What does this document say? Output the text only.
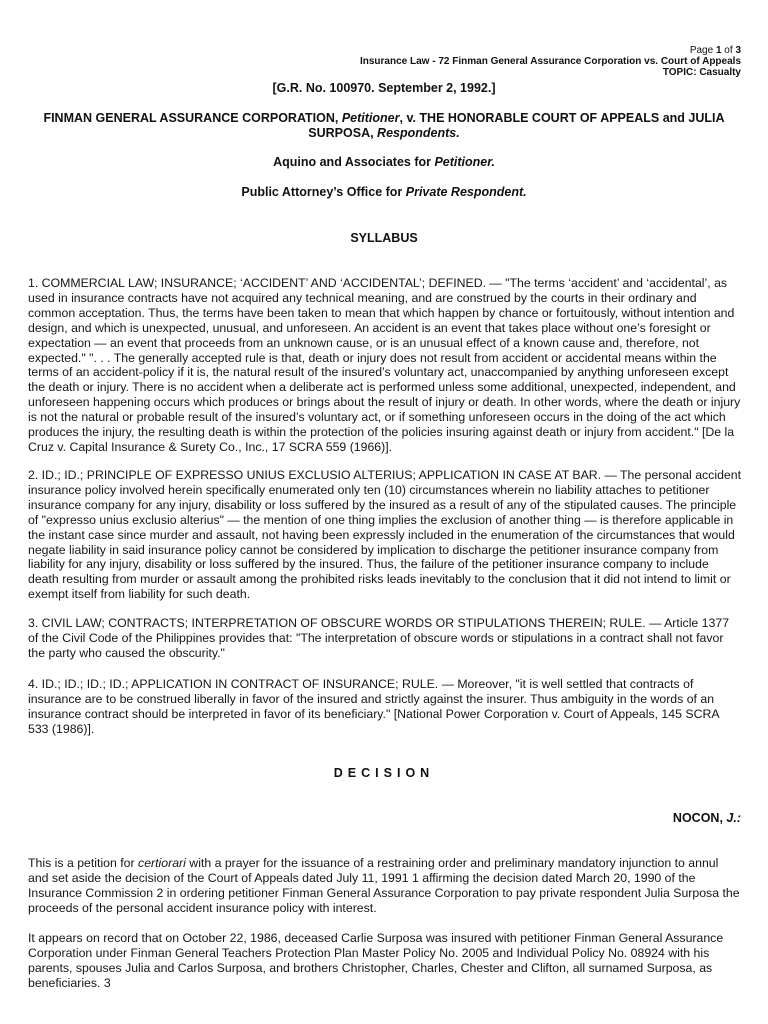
Page 1 of 3
Insurance Law - 72 Finman General Assurance Corporation vs. Court of Appeals
TOPIC: Casualty
[G.R. No. 100970. September 2, 1992.]
FINMAN GENERAL ASSURANCE CORPORATION, Petitioner, v. THE HONORABLE COURT OF APPEALS and JULIA SURPOSA, Respondents.
Aquino and Associates for Petitioner.
Public Attorney’s Office for Private Respondent.
SYLLABUS
1. COMMERCIAL LAW; INSURANCE; ‘ACCIDENT’ AND ‘ACCIDENTAL’; DEFINED. — "The terms ‘accident’ and ‘accidental’, as used in insurance contracts have not acquired any technical meaning, and are construed by the courts in their ordinary and common acceptation. Thus, the terms have been taken to mean that which happen by chance or fortuitously, without intention and design, and which is unexpected, unusual, and unforeseen. An accident is an event that takes place without one’s foresight or expectation — an event that proceeds from an unknown cause, or is an unusual effect of a known cause and, therefore, not expected." ". . . The generally accepted rule is that, death or injury does not result from accident or accidental means within the terms of an accident-policy if it is, the natural result of the insured’s voluntary act, unaccompanied by anything unforeseen except the death or injury. There is no accident when a deliberate act is performed unless some additional, unexpected, independent, and unforeseen happening occurs which produces or brings about the result of injury or death. In other words, where the death or injury is not the natural or probable result of the insured’s voluntary act, or if something unforeseen occurs in the doing of the act which produces the injury, the resulting death is within the protection of the policies insuring against death or injury from accident." [De la Cruz v. Capital Insurance & Surety Co., Inc., 17 SCRA 559 (1966)].
2. ID.; ID.; PRINCIPLE OF EXPRESSO UNIUS EXCLUSIO ALTERIUS; APPLICATION IN CASE AT BAR. — The personal accident insurance policy involved herein specifically enumerated only ten (10) circumstances wherein no liability attaches to petitioner insurance company for any injury, disability or loss suffered by the insured as a result of any of the stipulated causes. The principle of "expresso unius exclusio alterius" — the mention of one thing implies the exclusion of another thing — is therefore applicable in the instant case since murder and assault, not having been expressly included in the enumeration of the circumstances that would negate liability in said insurance policy cannot be considered by implication to discharge the petitioner insurance company from liability for any injury, disability or loss suffered by the insured. Thus, the failure of the petitioner insurance company to include death resulting from murder or assault among the prohibited risks leads inevitably to the conclusion that it did not intend to limit or exempt itself from liability for such death.
3. CIVIL LAW; CONTRACTS; INTERPRETATION OF OBSCURE WORDS OR STIPULATIONS THEREIN; RULE. — Article 1377 of the Civil Code of the Philippines provides that: "The interpretation of obscure words or stipulations in a contract shall not favor the party who caused the obscurity."
4. ID.; ID.; ID.; ID.; APPLICATION IN CONTRACT OF INSURANCE; RULE. — Moreover, "it is well settled that contracts of insurance are to be construed liberally in favor of the insured and strictly against the insurer. Thus ambiguity in the words of an insurance contract should be interpreted in favor of its beneficiary." [National Power Corporation v. Court of Appeals, 145 SCRA 533 (1986)].
DECISION
NOCON, J.:
This is a petition for certiorari with a prayer for the issuance of a restraining order and preliminary mandatory injunction to annul and set aside the decision of the Court of Appeals dated July 11, 1991 1 affirming the decision dated March 20, 1990 of the Insurance Commission 2 in ordering petitioner Finman General Assurance Corporation to pay private respondent Julia Surposa the proceeds of the personal accident insurance policy with interest.
It appears on record that on October 22, 1986, deceased Carlie Surposa was insured with petitioner Finman General Assurance Corporation under Finman General Teachers Protection Plan Master Policy No. 2005 and Individual Policy No. 08924 with his parents, spouses Julia and Carlos Surposa, and brothers Christopher, Charles, Chester and Clifton, all surnamed Surposa, as beneficiaries. 3
